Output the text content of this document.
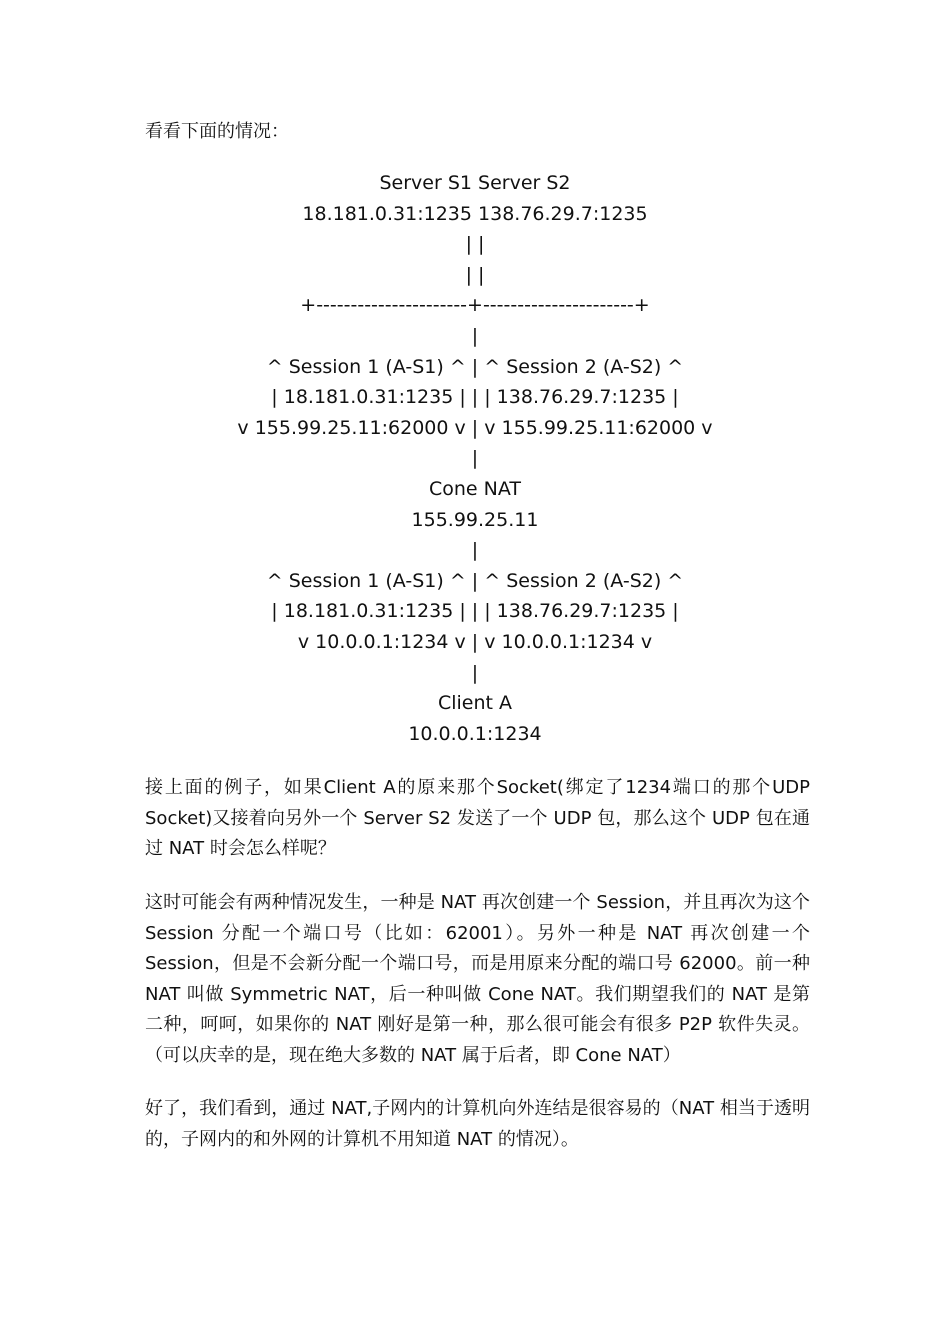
看看下面的情况：

Server S1 Server S2
18.181.0.31:1235 138.76.29.7:1235
| |
| |
+----------------------+----------------------+
|
^ Session 1 (A-S1) ^ | ^ Session 2 (A-S2) ^
| 18.181.0.31:1235 | | | 138.76.29.7:1235 |
v 155.99.25.11:62000 v | v 155.99.25.11:62000 v
|
Cone NAT
155.99.25.11
|
^ Session 1 (A-S1) ^ | ^ Session 2 (A-S2) ^
| 18.181.0.31:1235 | | | 138.76.29.7:1235 |
v 10.0.0.1:1234 v | v 10.0.0.1:1234 v
|
Client A
10.0.0.1:1234

接上面的例子，如果Client A的原来那个Socket(绑定了1234端口的那个UDP Socket)又接着向另外一个 Server S2 发送了一个 UDP 包，那么这个 UDP 包在通过 NAT 时会怎么样呢？

这时可能会有两种情况发生，一种是 NAT 再次创建一个 Session，并且再次为这个 Session 分配一个端口号（比如：62001）。另外一种是 NAT 再次创建一个 Session，但是不会新分配一个端口号，而是用原来分配的端口号 62000。前一种 NAT 叫做 Symmetric NAT，后一种叫做 Cone NAT。我们期望我们的 NAT 是第二种，呵呵，如果你的 NAT 刚好是第一种，那么很可能会有很多 P2P 软件失灵。（可以庆幸的是，现在绝大多数的 NAT 属于后者，即 Cone NAT）

好了，我们看到，通过 NAT,子网内的计算机向外连结是很容易的（NAT 相当于透明的，子网内的和外网的计算机不用知道 NAT 的情况）。
